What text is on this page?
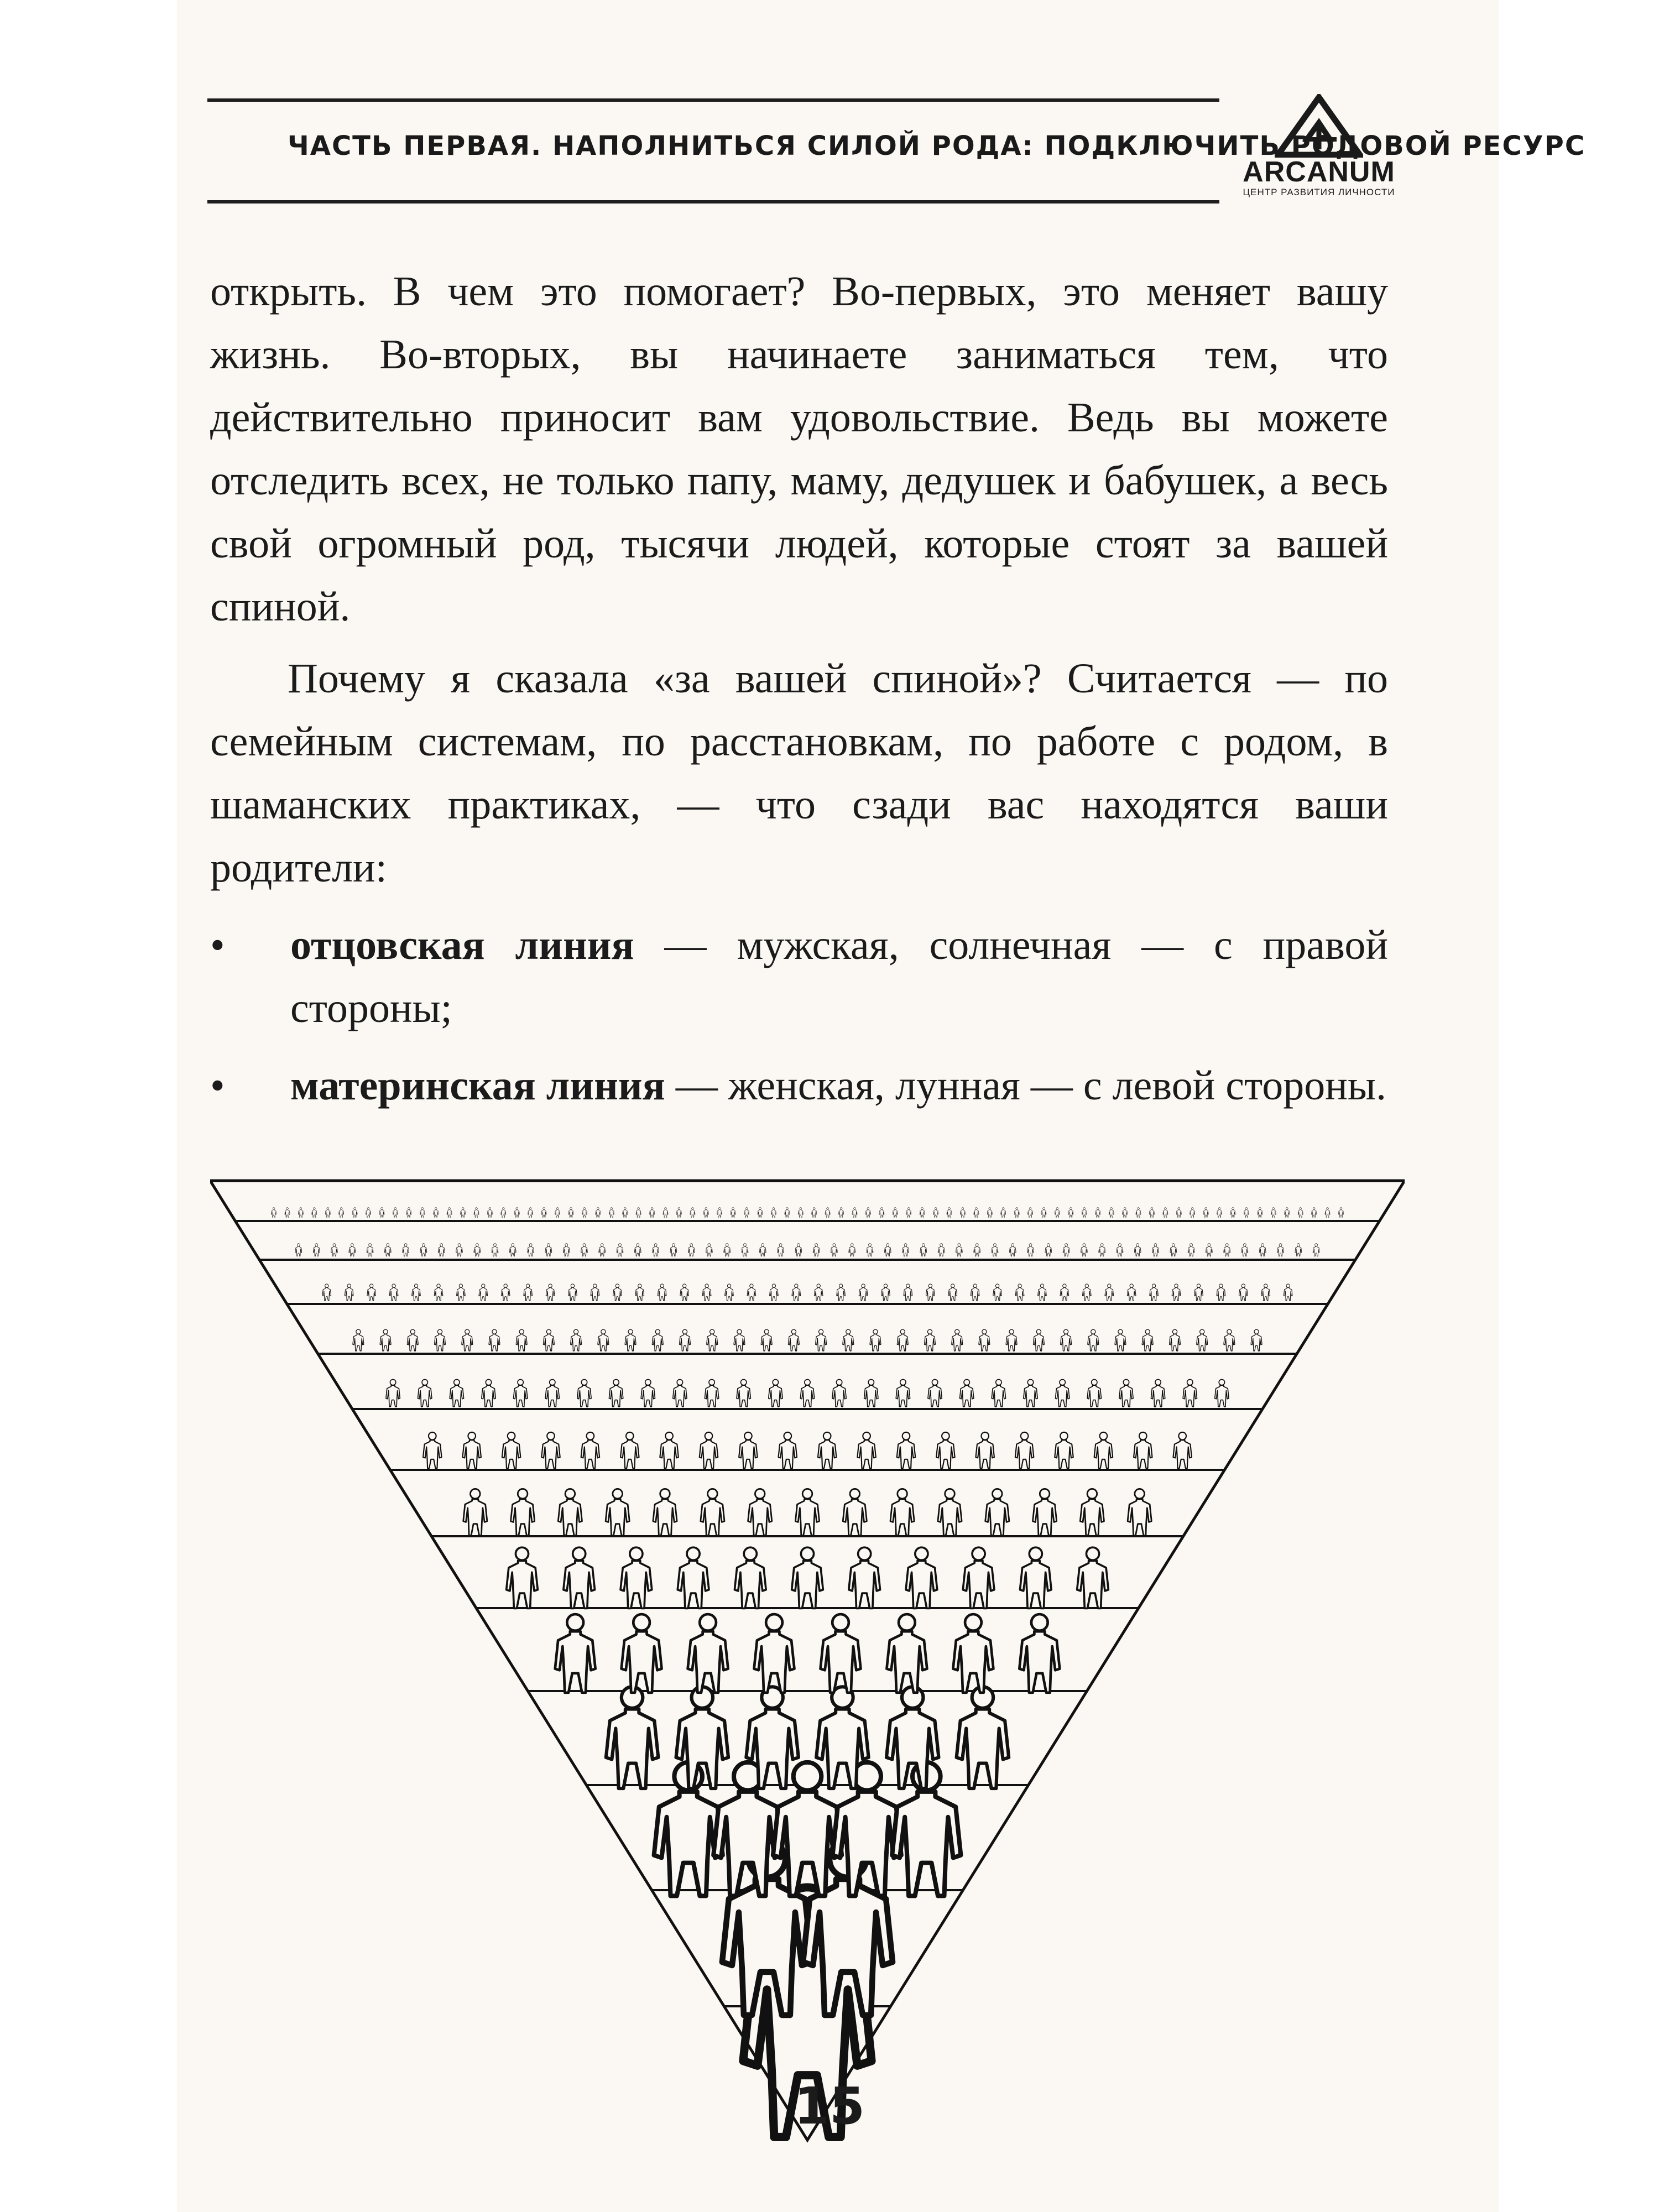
ЧАСТЬ ПЕРВАЯ. НАПОЛНИТЬСЯ СИЛОЙ РОДА: ПОДКЛЮЧИТЬ РОДОВОЙ РЕСУРС
ARCANUM
ЦЕНТР РАЗВИТИЯ ЛИЧНОСТИ

открыть. В чем это помогает? Во-первых, это меняет вашу жизнь. Во-вторых, вы начинаете заниматься тем, что действительно приносит вам удовольствие. Ведь вы можете отследить всех, не только папу, маму, дедушек и бабушек, а весь свой огромный род, тысячи людей, которые стоят за вашей спиной.

Почему я сказала «за вашей спиной»? Считается — по семейным системам, по расстановкам, по работе с родом, в шаманских практиках, — что сзади вас находятся ваши родители:

• отцовская линия — мужская, солнечная — с правой стороны;
• материнская линия — женская, лунная — с левой стороны.
15
